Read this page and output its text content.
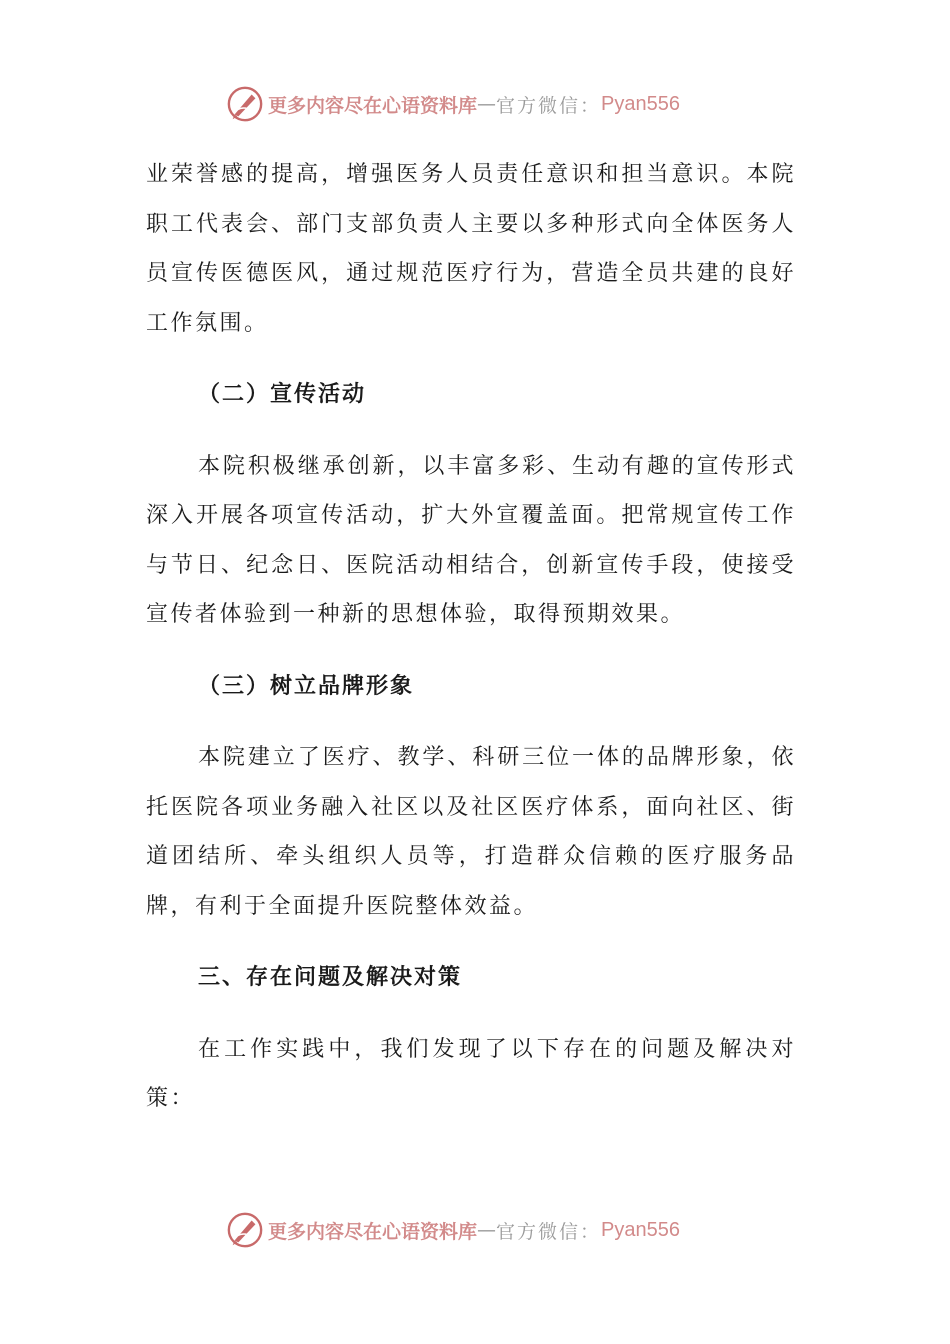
更多内容尽在心语资料库 — 官方微信： Pyan556

业荣誉感的提高，增强医务人员责任意识和担当意识。本院职工代表会、部门支部负责人主要以多种形式向全体医务人员宣传医德医风，通过规范医疗行为，营造全员共建的良好工作氛围。

（二）宣传活动

本院积极继承创新，以丰富多彩、生动有趣的宣传形式深入开展各项宣传活动，扩大外宣覆盖面。把常规宣传工作与节日、纪念日、医院活动相结合，创新宣传手段，使接受宣传者体验到一种新的思想体验，取得预期效果。

（三）树立品牌形象

本院建立了医疗、教学、科研三位一体的品牌形象，依托医院各项业务融入社区以及社区医疗体系，面向社区、街道团结所、牵头组织人员等，打造群众信赖的医疗服务品牌，有利于全面提升医院整体效益。

三、存在问题及解决对策

在工作实践中，我们发现了以下存在的问题及解决对策：

更多内容尽在心语资料库 — 官方微信： Pyan556
